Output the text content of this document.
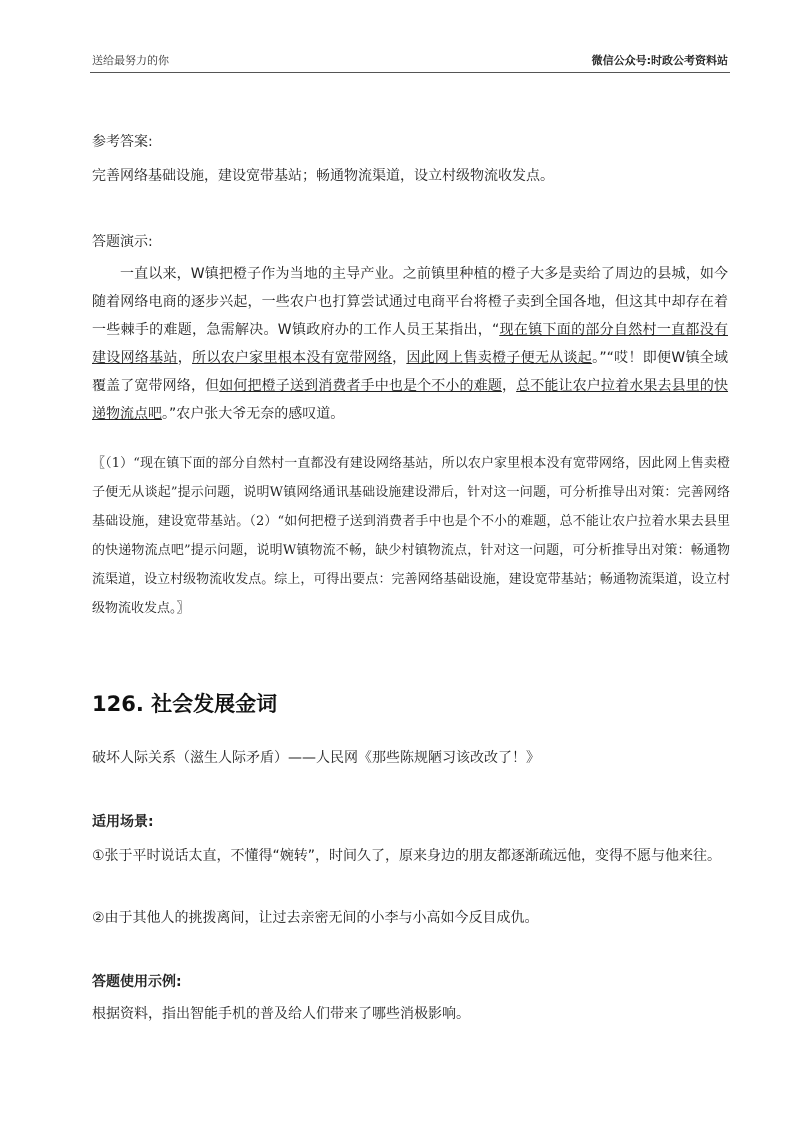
送给最努力的你	微信公众号:时政公考资料站
参考答案:
完善网络基础设施，建设宽带基站；畅通物流渠道，设立村级物流收发点。
答题演示:
一直以来，W镇把橙子作为当地的主导产业。之前镇里种植的橙子大多是卖给了周边的县城，如今随着网络电商的逐步兴起，一些农户也打算尝试通过电商平台将橙子卖到全国各地，但这其中却存在着一些棘手的难题，急需解决。W镇政府办的工作人员王某指出，“现在镇下面的部分自然村一直都没有建设网络基站，所以农户家里根本没有宽带网络，因此网上售卖橙子便无从谈起。”“哎！即便W镇全域覆盖了宽带网络，但如何把橙子送到消费者手中也是个不小的难题，总不能让农户拉着水果去县里的快递物流点吧。”农户张大爷无奈的感叹道。
〖（1）“现在镇下面的部分自然村一直都没有建设网络基站，所以农户家里根本没有宽带网络，因此网上售卖橙子便无从谈起”提示问题，说明W镇网络通讯基础设施建设滞后，针对这一问题，可分析推导出对策：完善网络基础设施，建设宽带基站。（2）“如何把橙子送到消费者手中也是个不小的难题，总不能让农户拉着水果去县里的快递物流点吧”提示问题，说明W镇物流不畅，缺少村镇物流点，针对这一问题，可分析推导出对策：畅通物流渠道，设立村级物流收发点。综上，可得出要点：完善网络基础设施，建设宽带基站；畅通物流渠道，设立村级物流收发点。〗
126. 社会发展金词
破坏人际关系（滋生人际矛盾）——人民网《那些陈规陋习该改改了！》
适用场景:
①张于平时说话太直，不懂得“婉转”，时间久了，原来身边的朋友都逐渐疏远他，变得不愿与他来往。
②由于其他人的挑拨离间，让过去亲密无间的小李与小高如今反目成仇。
答题使用示例:
根据资料，指出智能手机的普及给人们带来了哪些消极影响。
